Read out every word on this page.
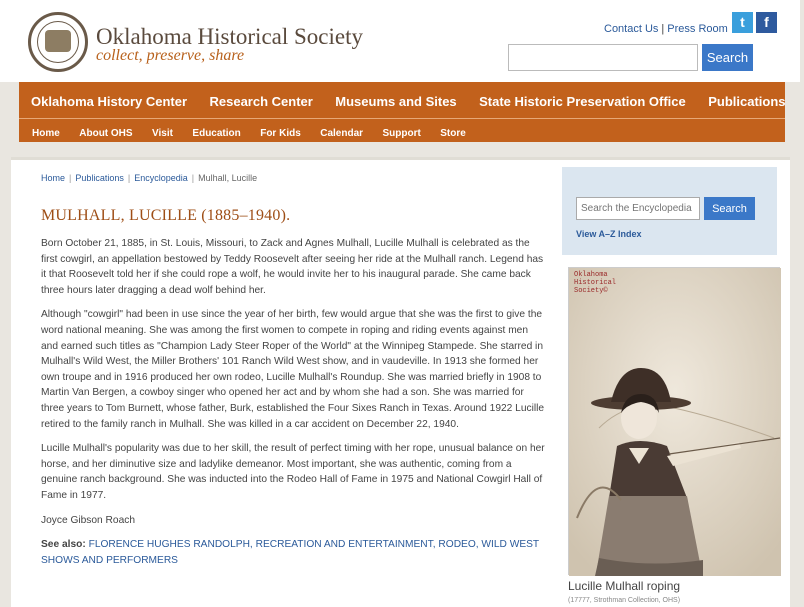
Oklahoma Historical Society
collect, preserve, share
Contact Us | Press Room t	f
Search
Oklahoma History Center Research Center Museums and Sites State Historic Preservation Office Publications
Home About OHS Visit Education For Kids Calendar Support Store
Home | Publications | Encyclopedia | Mulhall, Lucille
MULHALL, LUCILLE (1885–1940).

Born October 21, 1885, in St. Louis, Missouri, to Zack and Agnes Mulhall, Lucille Mulhall is celebrated as the first cowgirl, an appellation bestowed by Teddy Roosevelt after seeing her ride at the Mulhall ranch. Legend has it that Roosevelt told her if she could rope a wolf, he would invite her to his inaugural parade. She came back three hours later dragging a dead wolf behind her.

Although "cowgirl" had been in use since the year of her birth, few would argue that she was the first to give the word national meaning. She was among the first women to compete in roping and riding events against men and earned such titles as "Champion Lady Steer Roper of the World" at the Winnipeg Stampede. She starred in Mulhall's Wild West, the Miller Brothers' 101 Ranch Wild West show, and in vaudeville. In 1913 she formed her own troupe and in 1916 produced her own rodeo, Lucille Mulhall's Roundup. She was married briefly in 1908 to Martin Van Bergen, a cowboy singer who opened her act and by whom she had a son. She was married for three years to Tom Burnett, whose father, Burk, established the Four Sixes Ranch in Texas. Around 1922 Lucille retired to the family ranch in Mulhall. She was killed in a car accident on December 22, 1940.

Lucille Mulhall's popularity was due to her skill, the result of perfect timing with her rope, unusual balance on her horse, and her diminutive size and ladylike demeanor. Most important, she was authentic, coming from a genuine ranch background. She was inducted into the Rodeo Hall of Fame in 1975 and National Cowgirl Hall of Fame in 1977.

Joyce Gibson Roach

See also: FLORENCE HUGHES RANDOLPH, RECREATION AND ENTERTAINMENT, RODEO, WILD WEST SHOWS AND PERFORMERS

Search the Encyclopedia
Search
View A–Z Index
Oklahoma
Historical
Society©
Lucille Mulhall roping
(17777, Strothman Collection, OHS)
